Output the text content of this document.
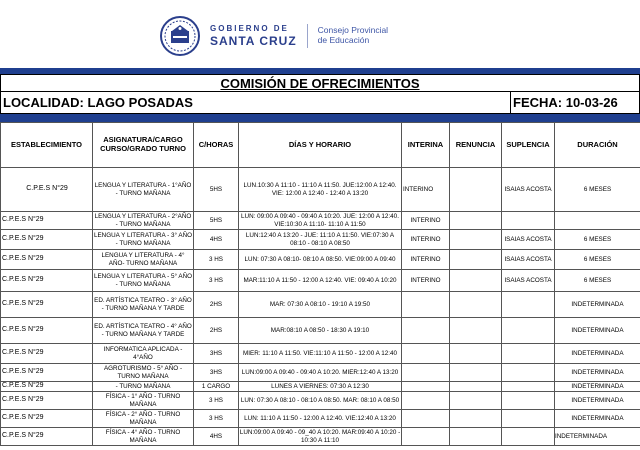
GOBIERNO DE
SANTA CRUZ
Consejo Provincial
de Educación
COMISIÓN DE OFRECIMIENTOS
LOCALIDAD: LAGO POSADAS	FECHA: 10-03-26
ESTABLECIMIENTO	ASIGNATURA/CARGO CURSO/GRADO TURNO	C/HORAS	DÍAS Y HORARIO	INTERINA	RENUNCIA	SUPLENCIA	DURACIÓN
C.P.E.S N°29	LENGUA Y LITERATURA - 1°AÑO - TURNO MAÑANA	5HS	LUN.10:30 A 11:10 - 11:10 A 11:50. JUE:12:00 A 12:40. VIE: 12:00 A 12:40 - 12:40 A 13:20	INTERINO		ISAIAS ACOSTA	6 MESES
C.P.E.S N°29	LENGUA Y LITERATURA - 2°AÑO - TURNO MAÑANA	5HS	LUN: 09:00 A 09:40 - 09:40 A 10:20. JUE: 12:00 A 12:40. VIE:10:30 A 11:10- 11:10 A 11:50	INTERINO			
C.P.E.S N°29	LENGUA Y LITERATURA - 3° AÑO - TURNO MAÑANA	4HS	LUN:12:40 A 13:20 - JUE: 11:10 A 11:50. VIE:07:30 A 08:10 - 08:10 A 08:50	INTERINO		ISAIAS ACOSTA	6 MESES
C.P.E.S N°29	LENGUA Y LITERATURA - 4° AÑO- TURNO MAÑANA	3 HS	LUN: 07:30 A 08:10- 08:10 A 08:50. VIE:09:00 A 09:40	INTERINO		ISAIAS ACOSTA	6 MESES
C.P.E.S N°29	LENGUA Y LITERATURA - 5° AÑO - TURNO MAÑANA	3 HS	MAR:11:10 A 11:50 - 12:00 A 12:40. VIE: 09:40 A 10:20	INTERINO		ISAIAS ACOSTA	6 MESES
C.P.E.S N°29	ED. ARTÍSTICA TEATRO - 3° AÑO - TURNO MAÑANA Y TARDE	2HS	MAR: 07:30 A 08:10 - 19:10 A 19:50				INDETERMINADA
C.P.E.S N°29	ED. ARTÍSTICA TEATRO - 4° AÑO - TURNO MAÑANA Y TARDE	2HS	MAR:08:10 A 08:50 - 18:30 A 19:10				INDETERMINADA
C.P.E.S N°29	INFORMATICA APLICADA - 4°AÑO	3HS	MIER: 11:10 A 11:50. VIE:11:10 A 11:50 - 12:00 A 12:40				INDETERMINADA
C.P.E.S N°29	AGROTURISMO - 5° AÑO - TURNO MAÑANA	3HS	LUN:09:00 A 09:40 - 09:40 A 10:20. MIER:12:40 A 13:20				INDETERMINADA
C.P.E.S N°29	- TURNO MAÑANA	1 CARGO	LUNES A VIERNES: 07:30 A 12:30				INDETERMINADA
C.P.E.S N°29	FÍSICA - 1° AÑO - TURNO MAÑANA	3 HS	LUN: 07:30 A 08:10 - 08:10 A 08:50. MAR: 08:10 A 08:50				INDETERMINADA
C.P.E.S N°29	FÍSICA - 2° AÑO - TURNO MAÑANA	3 HS	LUN: 11:10 A 11:50 - 12:00 A 12:40. VIE:12:40 A 13:20				INDETERMINADA
C.P.E.S N°29	FÍSICA - 4° AÑO - TURNO MAÑANA	4HS	LUN:09:00 A 09:40 - 09_40 A 10:20. MAR:09:40 A 10:20 - 10:30 A 11:10				INDETERMINADA
